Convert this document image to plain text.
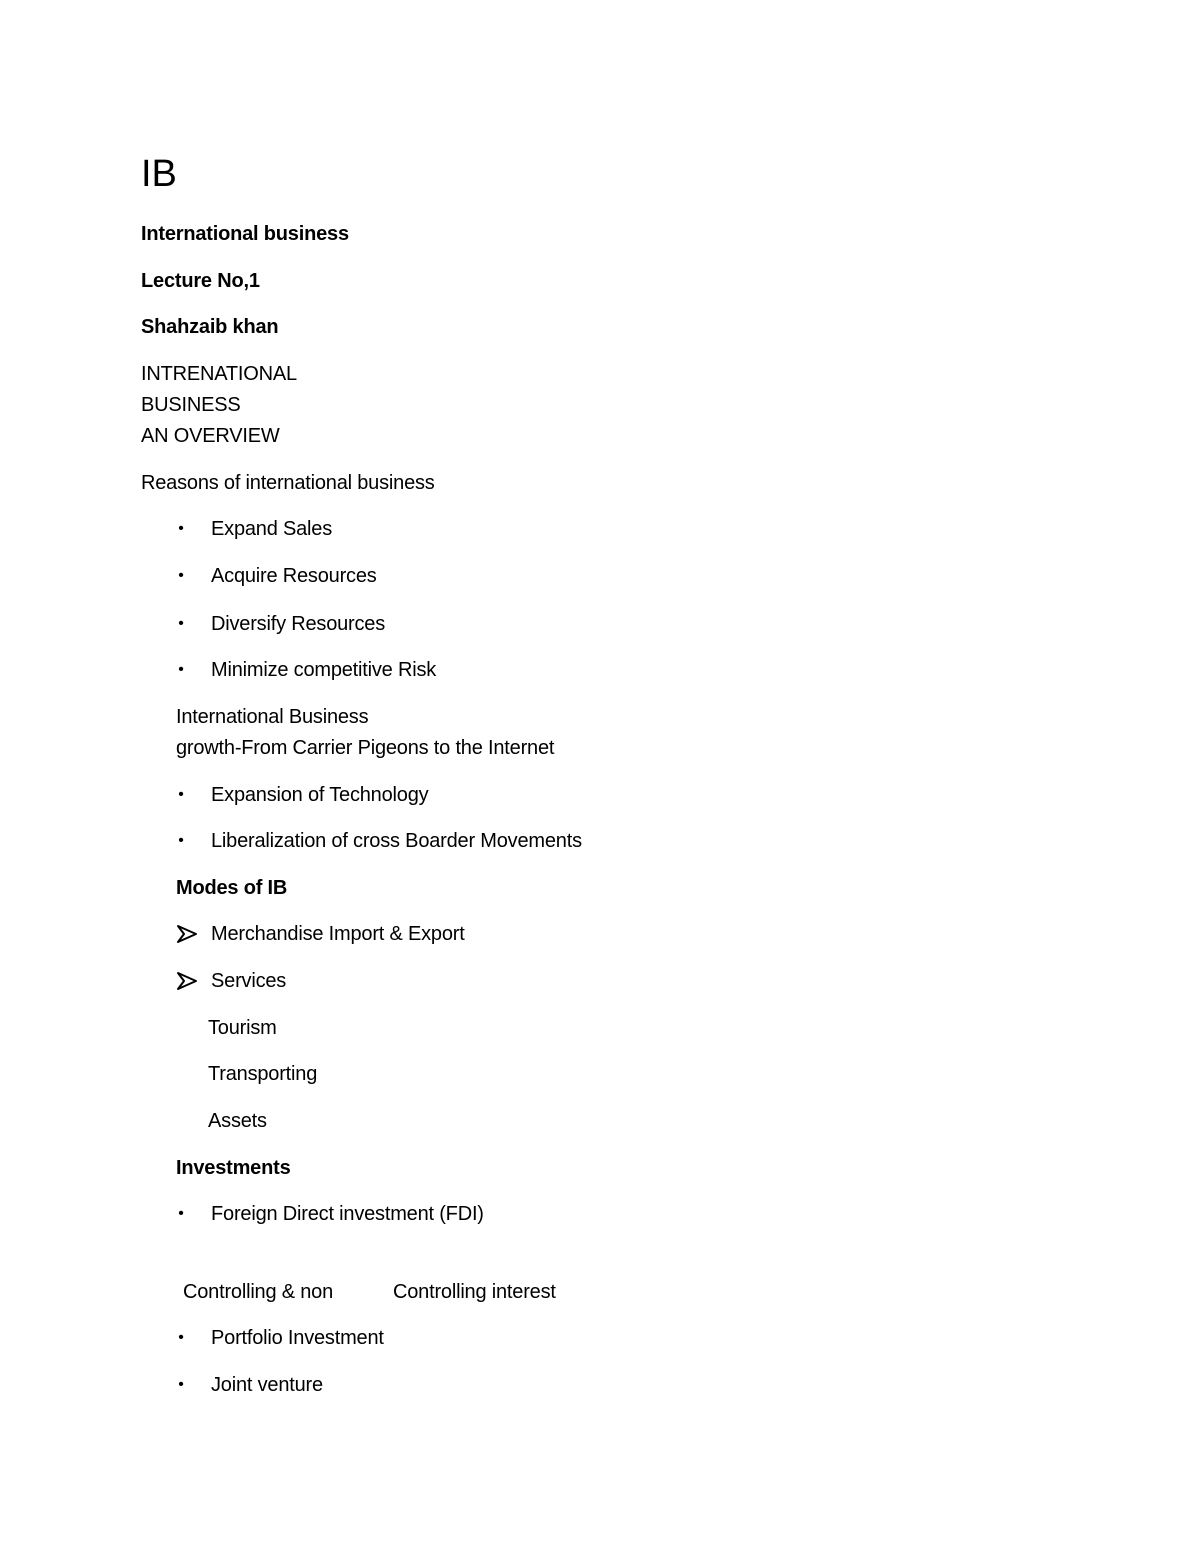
IB
International business
Lecture No,1
Shahzaib khan
INTRENATIONAL
BUSINESS
AN OVERVIEW
Reasons of international business
•	Expand Sales
•	Acquire Resources
•	Diversify Resources
•	Minimize competitive Risk
International Business
growth-From Carrier Pigeons to the Internet
•	Expansion of Technology
•	Liberalization of cross Boarder Movements
Modes of IB
Merchandise Import & Export
Services
Tourism
Transporting
Assets
Investments
•	Foreign Direct investment (FDI)
Controlling & non	Controlling interest
•	Portfolio Investment
•	Joint venture
